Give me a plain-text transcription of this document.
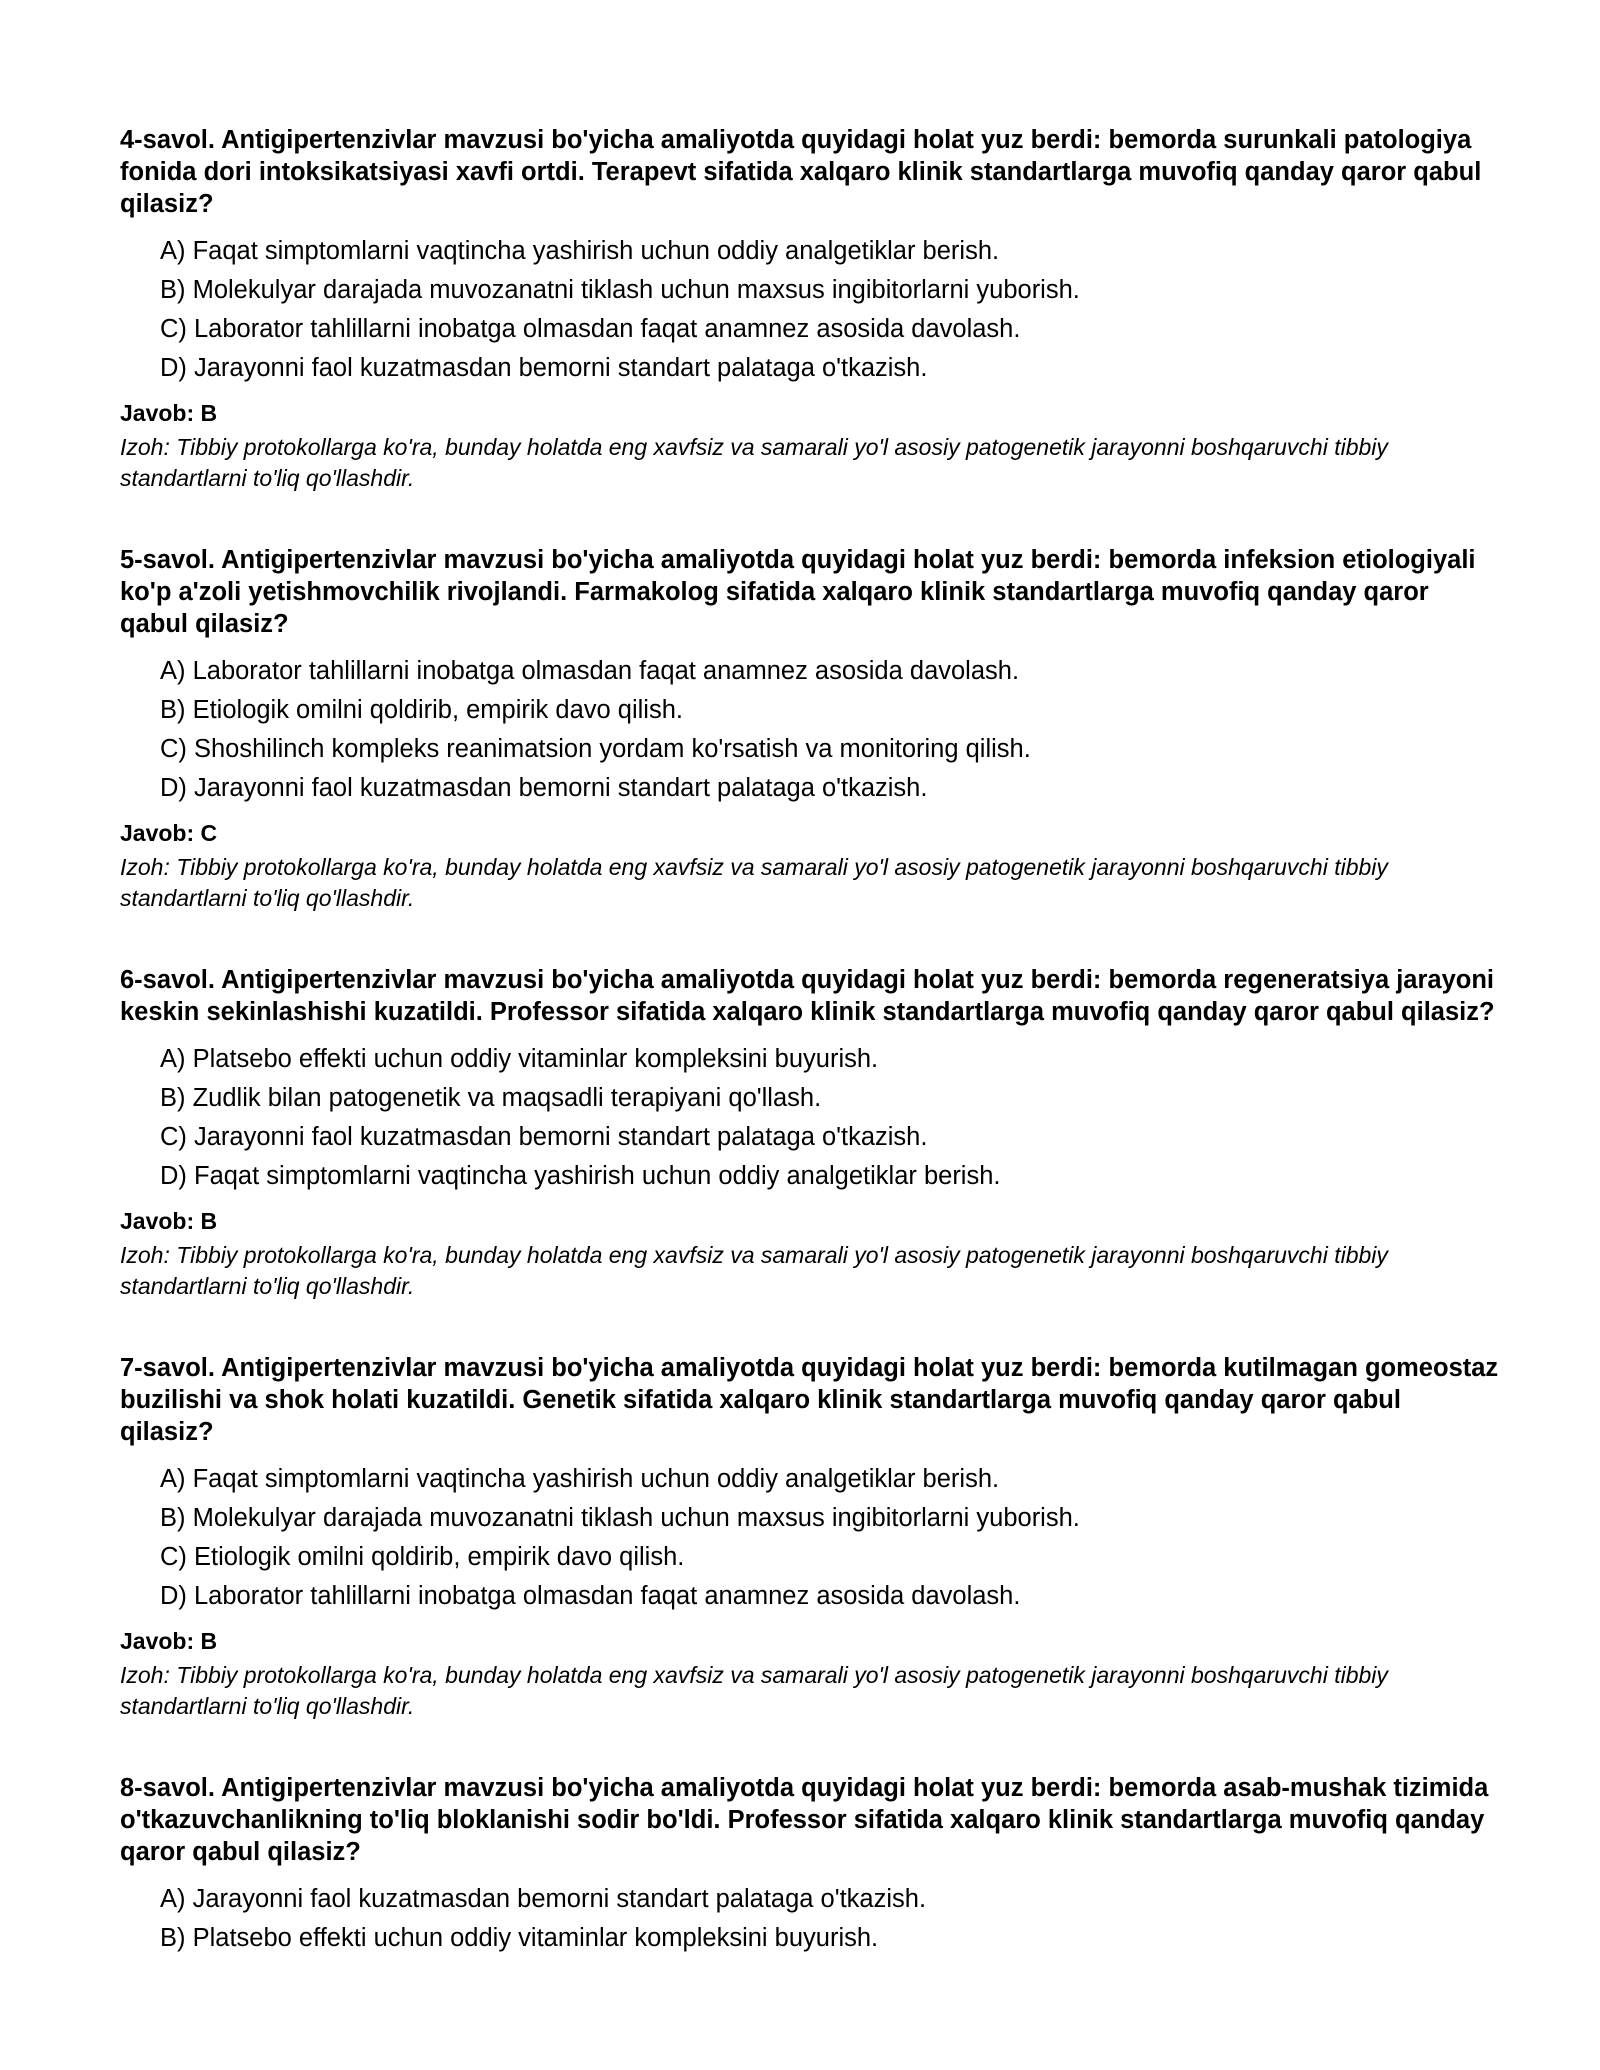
4-savol. Antigipertenzivlar mavzusi bo'yicha amaliyotda quyidagi holat yuz berdi: bemorda surunkali patologiya fonida dori intoksikatsiyasi xavfi ortdi. Terapevt sifatida xalqaro klinik standartlarga muvofiq qanday qaror qabul qilasiz?

A) Faqat simptomlarni vaqtincha yashirish uchun oddiy analgetiklar berish.
B) Molekulyar darajada muvozanatni tiklash uchun maxsus ingibitorlarni yuborish.
C) Laborator tahlillarni inobatga olmasdan faqat anamnez asosida davolash.
D) Jarayonni faol kuzatmasdan bemorni standart palataga o'tkazish.

Javob: B

Izoh: Tibbiy protokollarga ko'ra, bunday holatda eng xavfsiz va samarali yo'l asosiy patogenetik jarayonni boshqaruvchi tibbiy standartlarni to'liq qo'llashdir.

5-savol. Antigipertenzivlar mavzusi bo'yicha amaliyotda quyidagi holat yuz berdi: bemorda infeksion etiologiyali ko'p a'zoli yetishmovchilik rivojlandi. Farmakolog sifatida xalqaro klinik standartlarga muvofiq qanday qaror qabul qilasiz?

A) Laborator tahlillarni inobatga olmasdan faqat anamnez asosida davolash.
B) Etiologik omilni qoldirib, empirik davo qilish.
C) Shoshilinch kompleks reanimatsion yordam ko'rsatish va monitoring qilish.
D) Jarayonni faol kuzatmasdan bemorni standart palataga o'tkazish.

Javob: C

Izoh: Tibbiy protokollarga ko'ra, bunday holatda eng xavfsiz va samarali yo'l asosiy patogenetik jarayonni boshqaruvchi tibbiy standartlarni to'liq qo'llashdir.

6-savol. Antigipertenzivlar mavzusi bo'yicha amaliyotda quyidagi holat yuz berdi: bemorda regeneratsiya jarayoni keskin sekinlashishi kuzatildi. Professor sifatida xalqaro klinik standartlarga muvofiq qanday qaror qabul qilasiz?

A) Platsebo effekti uchun oddiy vitaminlar kompleksini buyurish.
B) Zudlik bilan patogenetik va maqsadli terapiyani qo'llash.
C) Jarayonni faol kuzatmasdan bemorni standart palataga o'tkazish.
D) Faqat simptomlarni vaqtincha yashirish uchun oddiy analgetiklar berish.

Javob: B

Izoh: Tibbiy protokollarga ko'ra, bunday holatda eng xavfsiz va samarali yo'l asosiy patogenetik jarayonni boshqaruvchi tibbiy standartlarni to'liq qo'llashdir.

7-savol. Antigipertenzivlar mavzusi bo'yicha amaliyotda quyidagi holat yuz berdi: bemorda kutilmagan gomeostaz buzilishi va shok holati kuzatildi. Genetik sifatida xalqaro klinik standartlarga muvofiq qanday qaror qabul qilasiz?

A) Faqat simptomlarni vaqtincha yashirish uchun oddiy analgetiklar berish.
B) Molekulyar darajada muvozanatni tiklash uchun maxsus ingibitorlarni yuborish.
C) Etiologik omilni qoldirib, empirik davo qilish.
D) Laborator tahlillarni inobatga olmasdan faqat anamnez asosida davolash.

Javob: B

Izoh: Tibbiy protokollarga ko'ra, bunday holatda eng xavfsiz va samarali yo'l asosiy patogenetik jarayonni boshqaruvchi tibbiy standartlarni to'liq qo'llashdir.

8-savol. Antigipertenzivlar mavzusi bo'yicha amaliyotda quyidagi holat yuz berdi: bemorda asab-mushak tizimida o'tkazuvchanlikning to'liq bloklanishi sodir bo'ldi. Professor sifatida xalqaro klinik standartlarga muvofiq qanday qaror qabul qilasiz?

A) Jarayonni faol kuzatmasdan bemorni standart palataga o'tkazish.
B) Platsebo effekti uchun oddiy vitaminlar kompleksini buyurish.
